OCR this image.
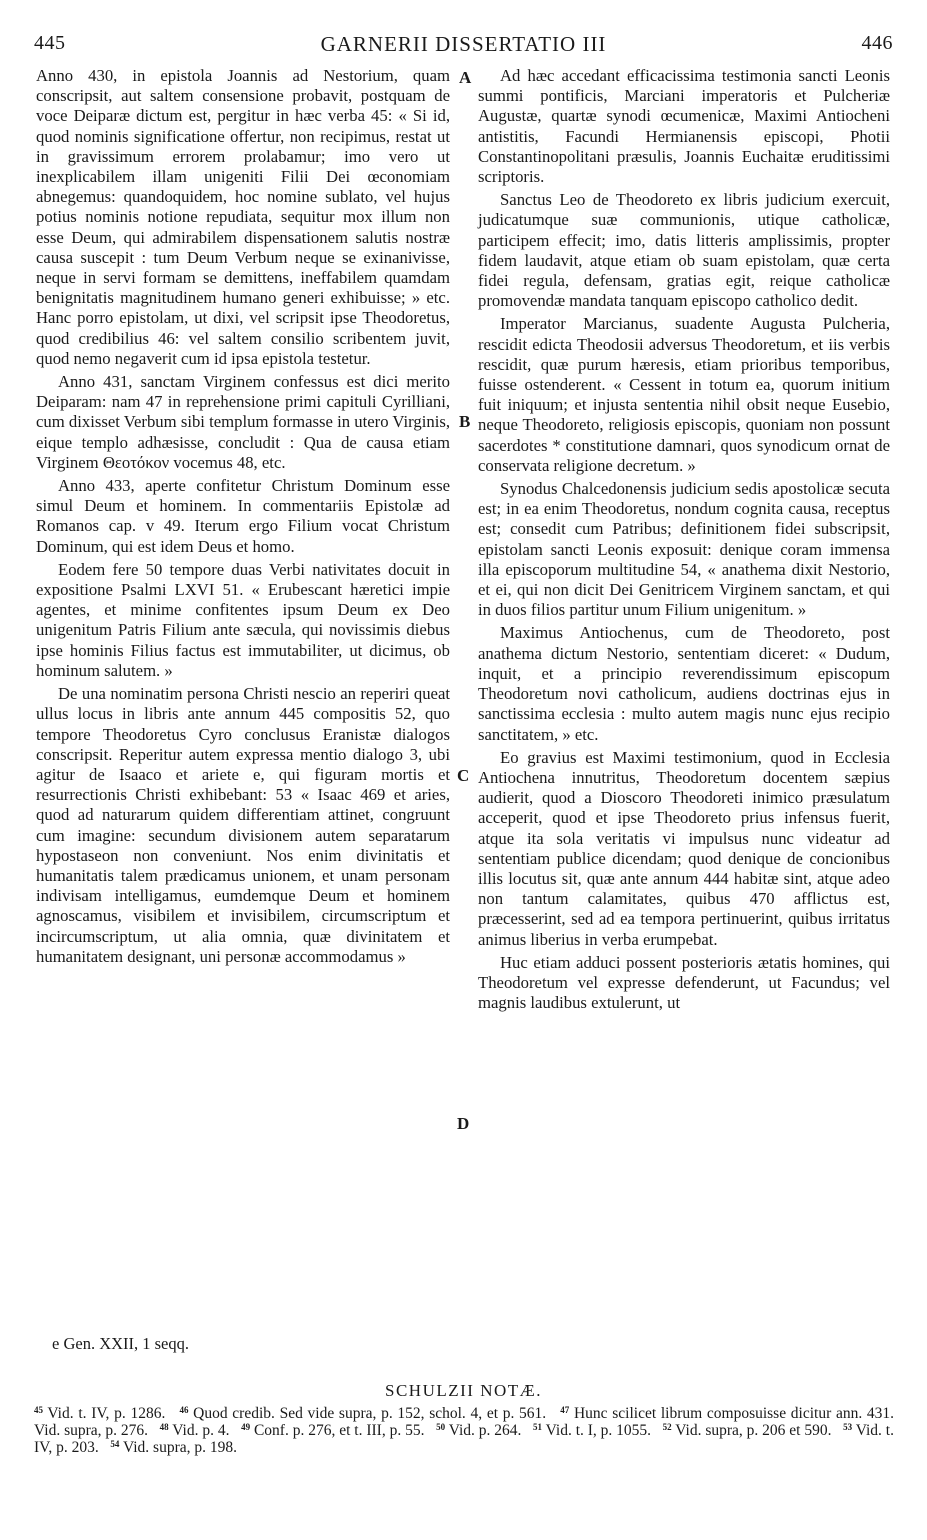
445	GARNERII DISSERTATIO III	446

Anno 430, in epistola Joannis ad Nestorium, quam conscripsit, aut saltem consensione probavit, postquam de voce Deiparæ dictum est, pergitur in hæc verba 45: « Si id, quod nominis significatione offertur, non recipimus, restat ut in gravissimum errorem prolabamur; imo vero ut inexplicabilem illam unigeniti Filii Dei œconomiam abnegemus: quandoquidem, hoc nomine sublato, vel hujus potius nominis notione repudiata, sequitur mox illum non esse Deum, qui admirabilem dispensationem salutis nostræ causa suscepit : tum Deum Verbum neque se exinanivisse, neque in servi formam se demittens, ineffabilem quamdam benignitatis magnitudinem humano generi exhibuisse; » etc. Hanc porro epistolam, ut dixi, vel scripsit ipse Theodoretus, quod credibilius 46: vel saltem consilio scribentem juvit, quod nemo negaverit cum id ipsa epistola testetur.

Anno 431, sanctam Virginem confessus est dici merito Deiparam: nam 47 in reprehensione primi capituli Cyrilliani, cum dixisset Verbum sibi templum formasse in utero Virginis, eique templo adhæsisse, concludit : Qua de causa etiam Virginem Θεοτόκον vocemus 48, etc.

Anno 433, aperte confitetur Christum Dominum esse simul Deum et hominem. In commentariis Epistolæ ad Romanos cap. v 49. Iterum ergo Filium vocat Christum Dominum, qui est idem Deus et homo.

Eodem fere 50 tempore duas Verbi nativitates docuit in expositione Psalmi LXVI 51. « Erubescant hæretici impie agentes, et minime confitentes ipsum Deum ex Deo unigenitum Patris Filium ante sæcula, qui novissimis diebus ipse hominis Filius factus est immutabiliter, ut dicimus, ob hominum salutem. »

De una nominatim persona Christi nescio an reperiri queat ullus locus in libris ante annum 445 compositis 52, quo tempore Theodoretus Cyro conclusus Eranistæ dialogos conscripsit. Reperitur autem expressa mentio dialogo 3, ubi agitur de Isaaco et ariete e, qui figuram mortis et resurrectionis Christi exhibebant: 53 « Isaac 469 et aries, quod ad naturarum quidem differentiam attinet, congruunt cum imagine: secundum divisionem autem separatarum hypostaseon non conveniunt. Nos enim divinitatis et humanitatis talem prædicamus unionem, et unam personam indivisam intelligamus, eumdemque Deum et hominem agnoscamus, visibilem et invisibilem, circumscriptum et incircumscriptum, ut alia omnia, quæ divinitatem et humanitatem designant, uni personæ accommodamus »

Ad hæc accedant efficacissima testimonia sancti Leonis summi pontificis, Marciani imperatoris et Pulcheriæ Augustæ, quartæ synodi œcumenicæ, Maximi Antiocheni antistitis, Facundi Hermianensis episcopi, Photii Constantinopolitani præsulis, Joannis Euchaitæ eruditissimi scriptoris.

Sanctus Leo de Theodoreto ex libris judicium exercuit, judicatumque suæ communionis, utique catholicæ, participem effecit; imo, datis litteris amplissimis, propter fidem laudavit, atque etiam ob suam epistolam, quæ certa fidei regula, defensam, gratias egit, reique catholicæ promovendæ mandata tanquam episcopo catholico dedit.

Imperator Marcianus, suadente Augusta Pulcheria, rescidit edicta Theodosii adversus Theodoretum, et iis verbis rescidit, quæ purum hæresis, etiam prioribus temporibus, fuisse ostenderent. « Cessent in totum ea, quorum initium fuit iniquum; et injusta sententia nihil obsit neque Eusebio, neque Theodoreto, religiosis episcopis, quoniam non possunt sacerdotes * constitutione damnari, quos synodicum ornat de conservata religione decretum. »

Synodus Chalcedonensis judicium sedis apostolicæ secuta est; in ea enim Theodoretus, nondum cognita causa, receptus est; consedit cum Patribus; definitionem fidei subscripsit, epistolam sancti Leonis exposuit: denique coram immensa illa episcoporum multitudine 54, « anathema dixit Nestorio, et ei, qui non dicit Dei Genitricem Virginem sanctam, et qui in duos filios partitur unum Filium unigenitum. »

Maximus Antiochenus, cum de Theodoreto, post anathema dictum Nestorio, sententiam diceret: « Dudum, inquit, et a principio reverendissimum episcopum Theodoretum novi catholicum, audiens doctrinas ejus in sanctissima ecclesia : multo autem magis nunc ejus recipio sanctitatem, » etc.

Eo gravius est Maximi testimonium, quod in Ecclesia Antiochena innutritus, Theodoretum docentem sæpius audierit, quod a Dioscoro Theodoreti inimico præsulatum acceperit, quod et ipse Theodoreto prius infensus fuerit, atque ita sola veritatis vi impulsus nunc videatur ad sententiam publice dicendam; quod denique de concionibus illis locutus sit, quæ ante annum 444 habitæ sint, atque adeo non tantum calamitates, quibus 470 afflictus est, præcesserint, sed ad ea tempora pertinuerint, quibus irritatus animus liberius in verba erumpebat.

Huc etiam adduci possent posterioris ætatis homines, qui Theodoretum vel expresse defenderunt, ut Facundus; vel magnis laudibus extulerunt, ut

A
B
C
D
e Gen. XXII, 1 seqq.
SCHULZII NOTÆ.
$^{45}$ Vid. t. IV, p. 1286. $^{46}$ Quod credib. Sed vide supra, p. 152, schol. 4, et p. 561. $^{47}$ Hunc scilicet librum composuisse dicitur ann. 431. Vid. supra, p. 276. $^{48}$ Vid. p. 4. $^{49}$ Conf. p. 276, et t. III, p. 55. $^{50}$ Vid. p. 264. $^{51}$ Vid. t. I, p. 1055. $^{52}$ Vid. supra, p. 206 et 590. $^{53}$ Vid. t. IV, p. 203. $^{54}$ Vid. supra, p. 198.
